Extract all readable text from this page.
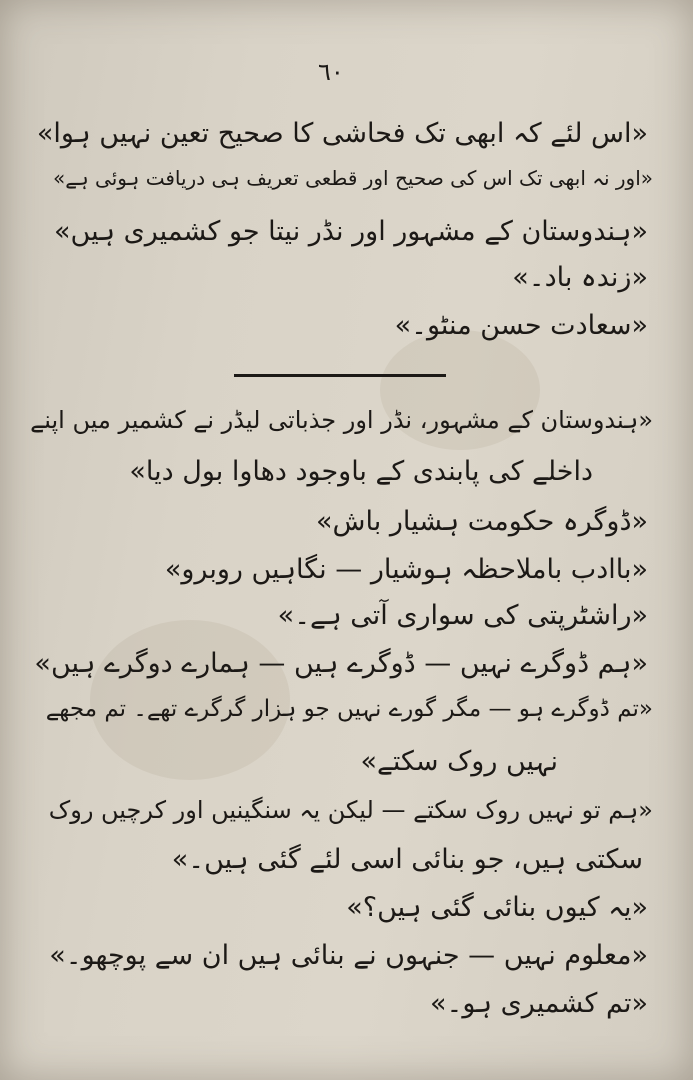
٦٠
«اس لئے کہ ابھی تک فحاشی کا صحیح تعین نہیں ہوا»
«اور نہ ابھی تک اس کی صحیح اور قطعی تعریف ہی دریافت ہوئی ہے»
«ہندوستان کے مشہور اور نڈر نیتا جو کشمیری ہیں»
«زندہ باد۔»
«سعادت حسن منٹو۔»
«ہندوستان کے مشہور، نڈر اور جذباتی لیڈر نے کشمیر میں اپنے
داخلے کی پابندی کے باوجود دھاوا بول دیا»
«ڈوگرہ حکومت ہشیار باش»
«باادب باملاحظہ ہوشیار — نگاہیں روبرو»
«راشٹرپتی کی سواری آتی ہے۔»
«ہم ڈوگرے نہیں — ڈوگرے ہیں — ہمارے دوگرے ہیں»
«تم ڈوگرے ہو — مگر گورے نہیں جو ہزار گرگرے تھے۔ تم مجھے
نہیں روک سکتے»
«ہم تو نہیں روک سکتے — لیکن یہ سنگینیں اور کرچیں روک
سکتی ہیں، جو بنائی اسی لئے گئی ہیں۔»
«یہ کیوں بنائی گئی ہیں؟»
«معلوم نہیں — جنہوں نے بنائی ہیں ان سے پوچھو۔»
«تم کشمیری ہو۔»
